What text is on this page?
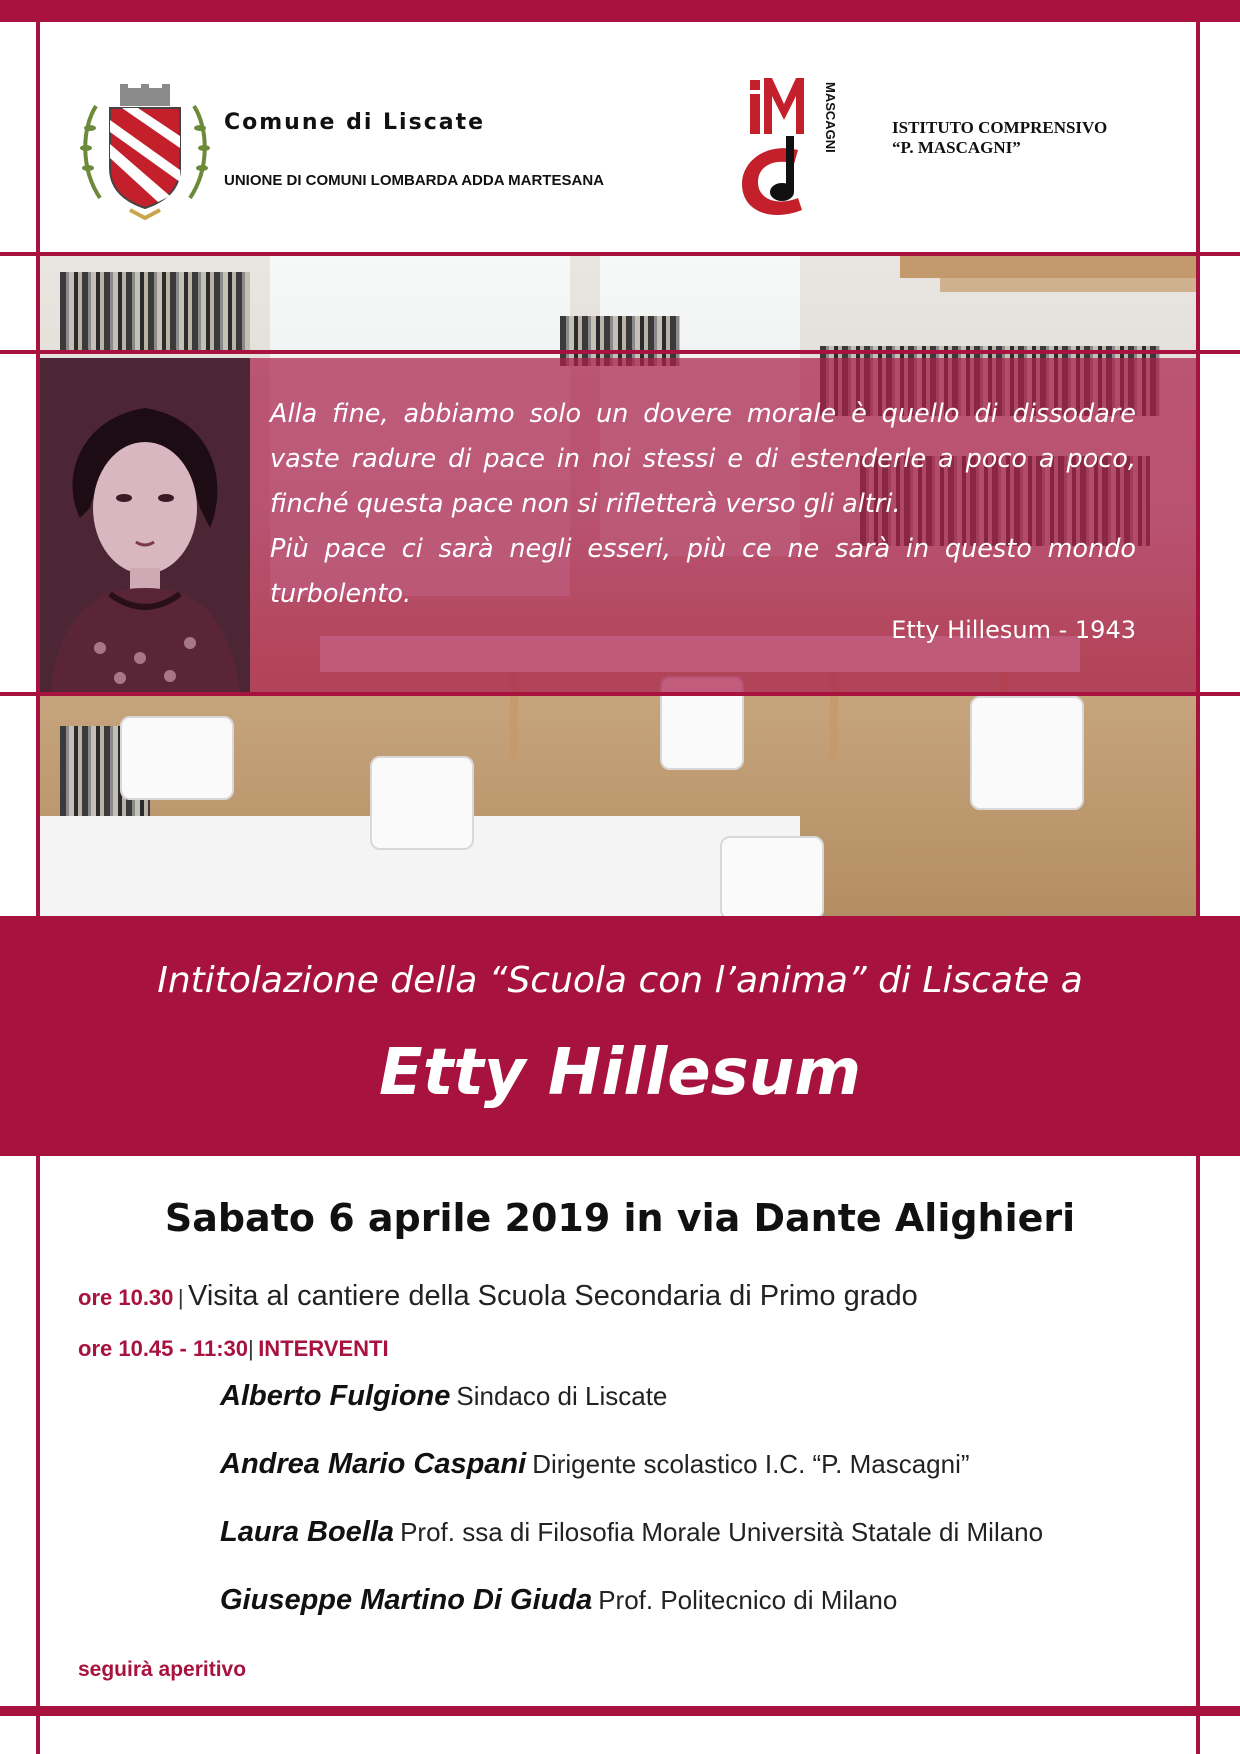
Comune di Liscate
UNIONE DI COMUNI LOMBARDA ADDA MARTESANA
MASCAGNI	ISTITUTO COMPRENSIVO
“P. MASCAGNI”

Alla fine, abbiamo solo un dovere morale è quello di dissodare vaste radure di pace in noi stessi e di estenderle a poco a poco, finché questa pace non si rifletterà verso gli altri.

Più pace ci sarà negli esseri, più ce ne sarà in questo mondo turbolento.

Etty Hillesum - 1943
Intitolazione della “Scuola con l’anima” di Liscate a
Etty Hillesum
Sabato 6 aprile 2019 in via Dante Alighieri
ore 10.30 | Visita al cantiere della Scuola Secondaria di Primo grado
ore 10.45 - 11:30| INTERVENTI
Alberto Fulgione Sindaco di Liscate
Andrea Mario Caspani Dirigente scolastico I.C. “P. Mascagni”
Laura Boella Prof. ssa di Filosofia Morale Università Statale di Milano
Giuseppe Martino Di Giuda Prof. Politecnico di Milano
seguirà aperitivo
